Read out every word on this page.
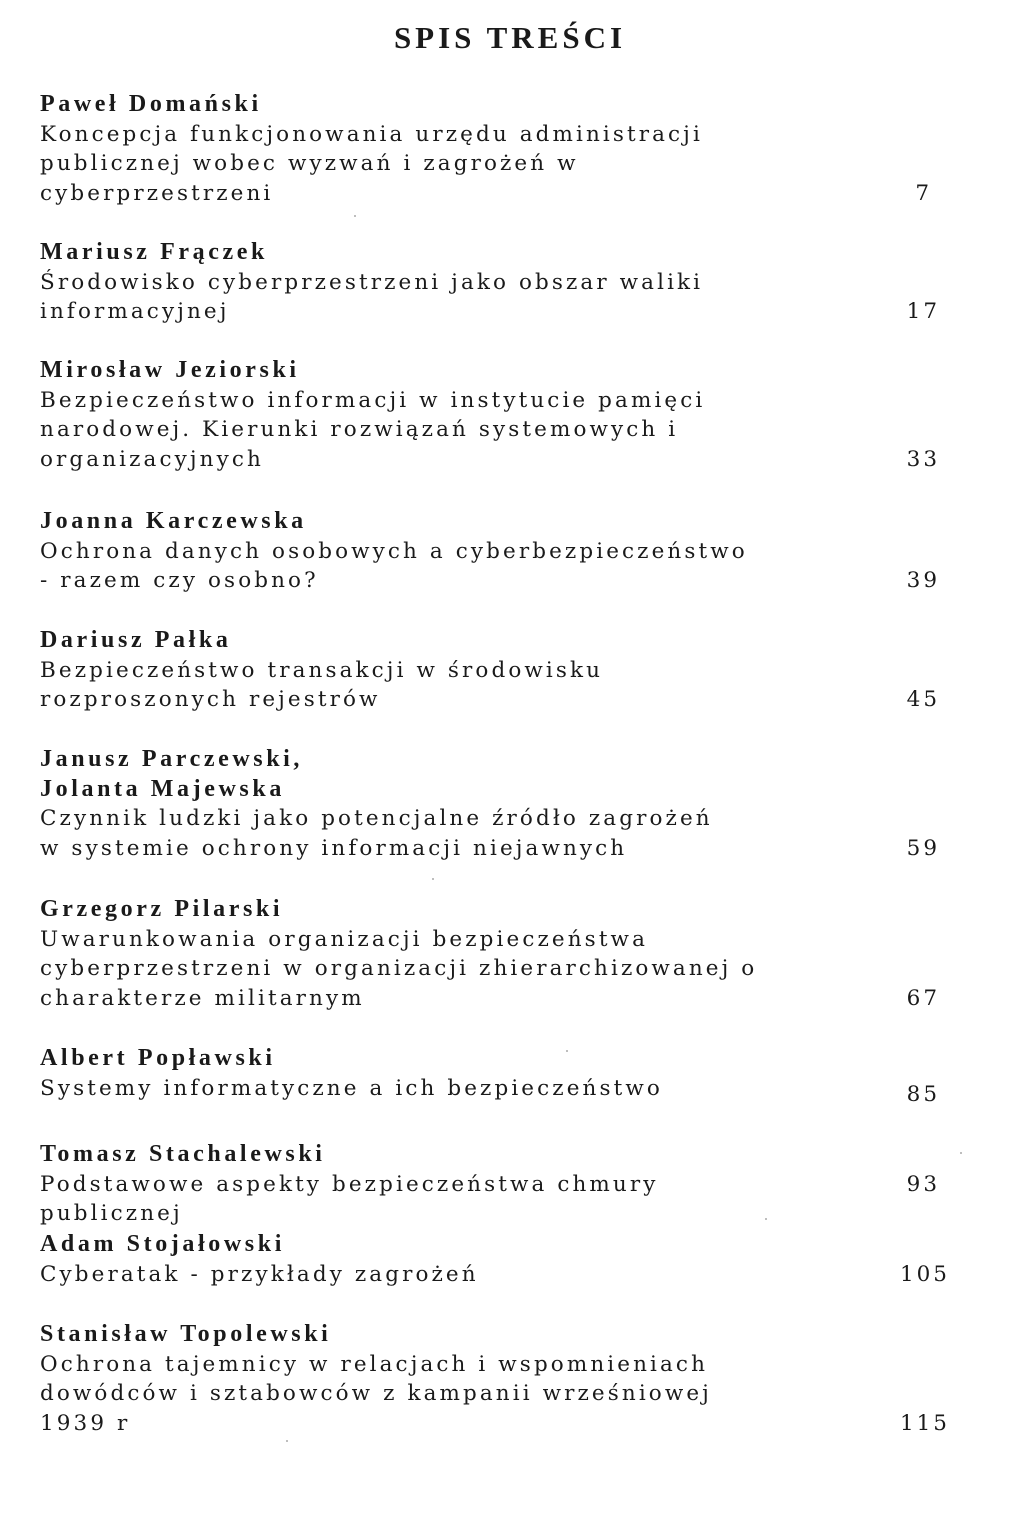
SPIS TREŚCI
Paweł Domański
Koncepcja funkcjonowania urzędu administracji
publicznej wobec wyzwań i zagrożeń w
cyberprzestrzeni	7
Mariusz Frączek
Środowisko cyberprzestrzeni jako obszar waliki
informacyjnej	17
Mirosław Jeziorski
Bezpieczeństwo informacji w instytucie pamięci
narodowej. Kierunki rozwiązań systemowych i
organizacyjnych	33
Joanna Karczewska
Ochrona danych osobowych a cyberbezpieczeństwo
- razem czy osobno?	39
Dariusz Pałka
Bezpieczeństwo transakcji w środowisku
rozproszonych rejestrów	45
Janusz Parczewski,
Jolanta Majewska
Czynnik ludzki jako potencjalne źródło zagrożeń
w systemie ochrony informacji niejawnych	59
Grzegorz Pilarski
Uwarunkowania organizacji bezpieczeństwa
cyberprzestrzeni w organizacji zhierarchizowanej o
charakterze militarnym	67
Albert Popławski
Systemy informatyczne a ich bezpieczeństwo	85
Tomasz Stachalewski
Podstawowe aspekty bezpieczeństwa chmury	93
publicznej
Adam Stojałowski
Cyberatak - przykłady zagrożeń	105
Stanisław Topolewski
Ochrona tajemnicy w relacjach i wspomnieniach
dowódców i sztabowców z kampanii wrześniowej
1939 r	115
